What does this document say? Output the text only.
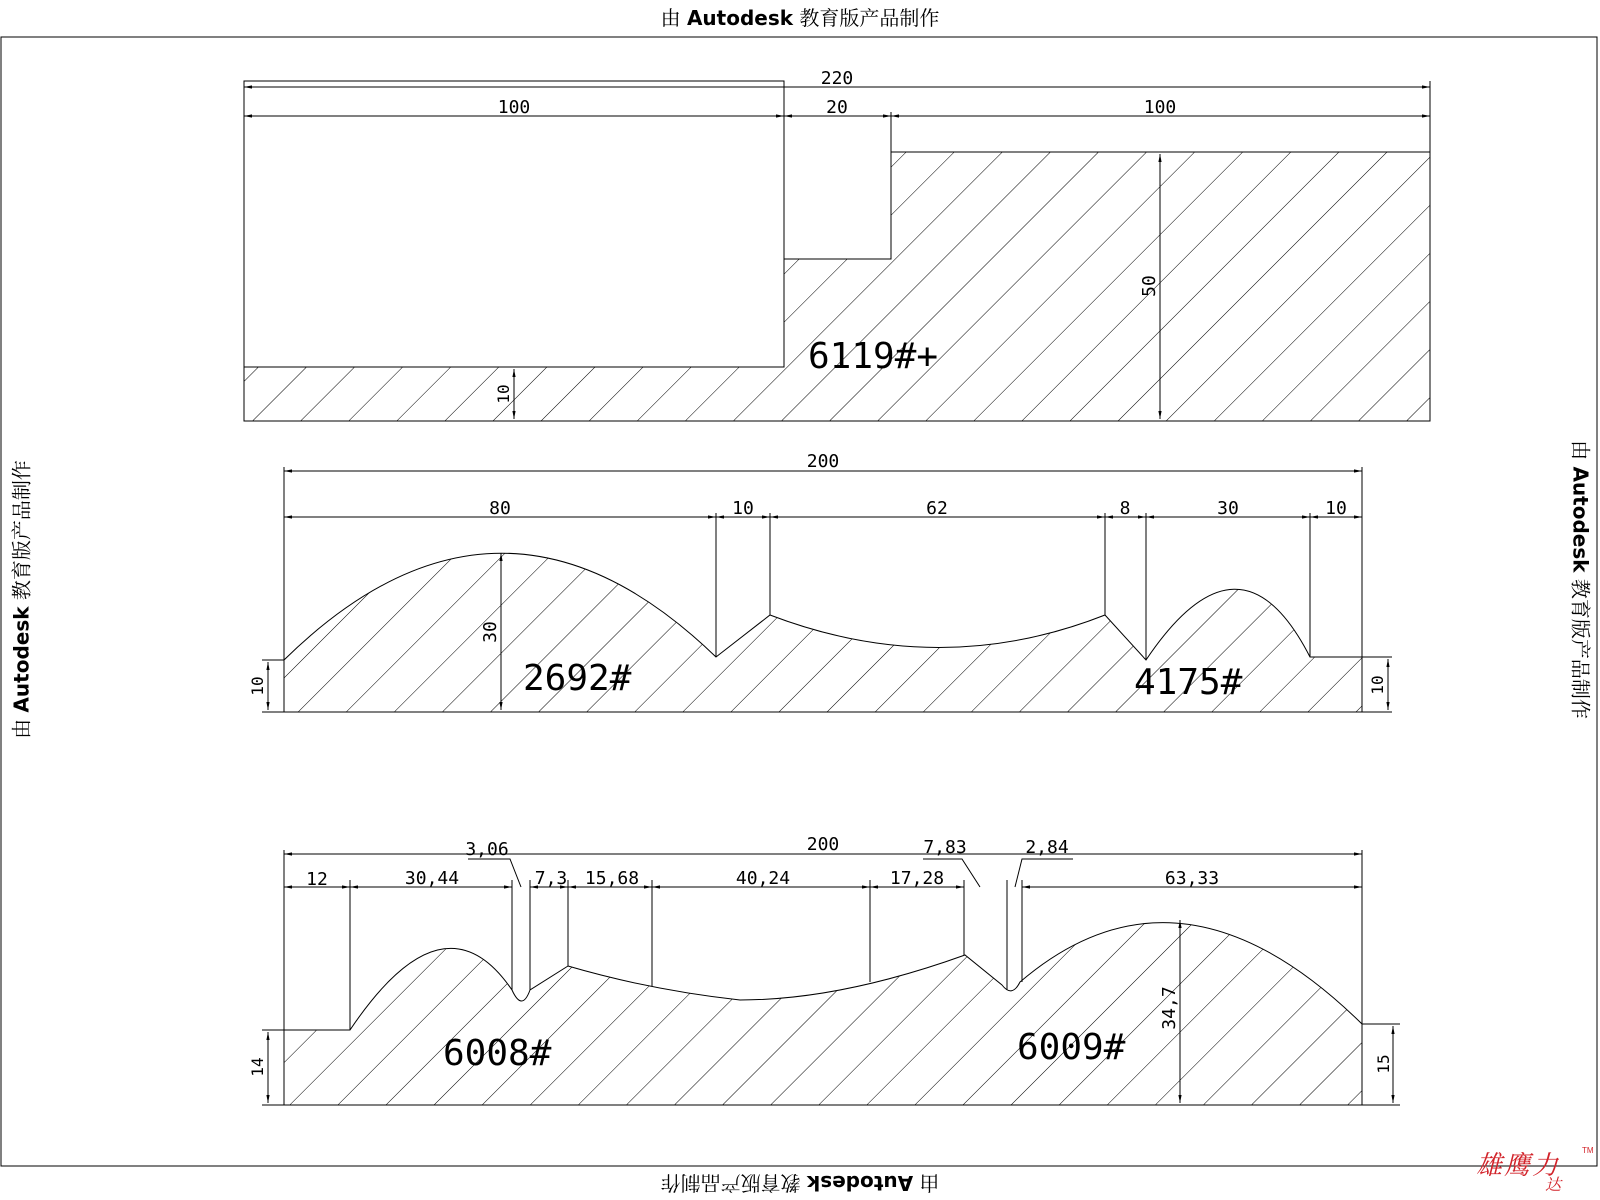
220
100	20	100
50
10
6119#+
200
80	10	62	8	30	10
30
10	10
2692#	4175#
200
12	30,44
3,06
7,3 15,68	40,24	17,28
7,83	2,84
63,33
34,7
14	15
6008#	6009#
由 Autodesk 教育版产品制作
由 Autodesk 教育版产品制作
由 Autodesk 教育版产品制作
由 Autodesk 教育版产品制作
雄鹰力
TM
达
